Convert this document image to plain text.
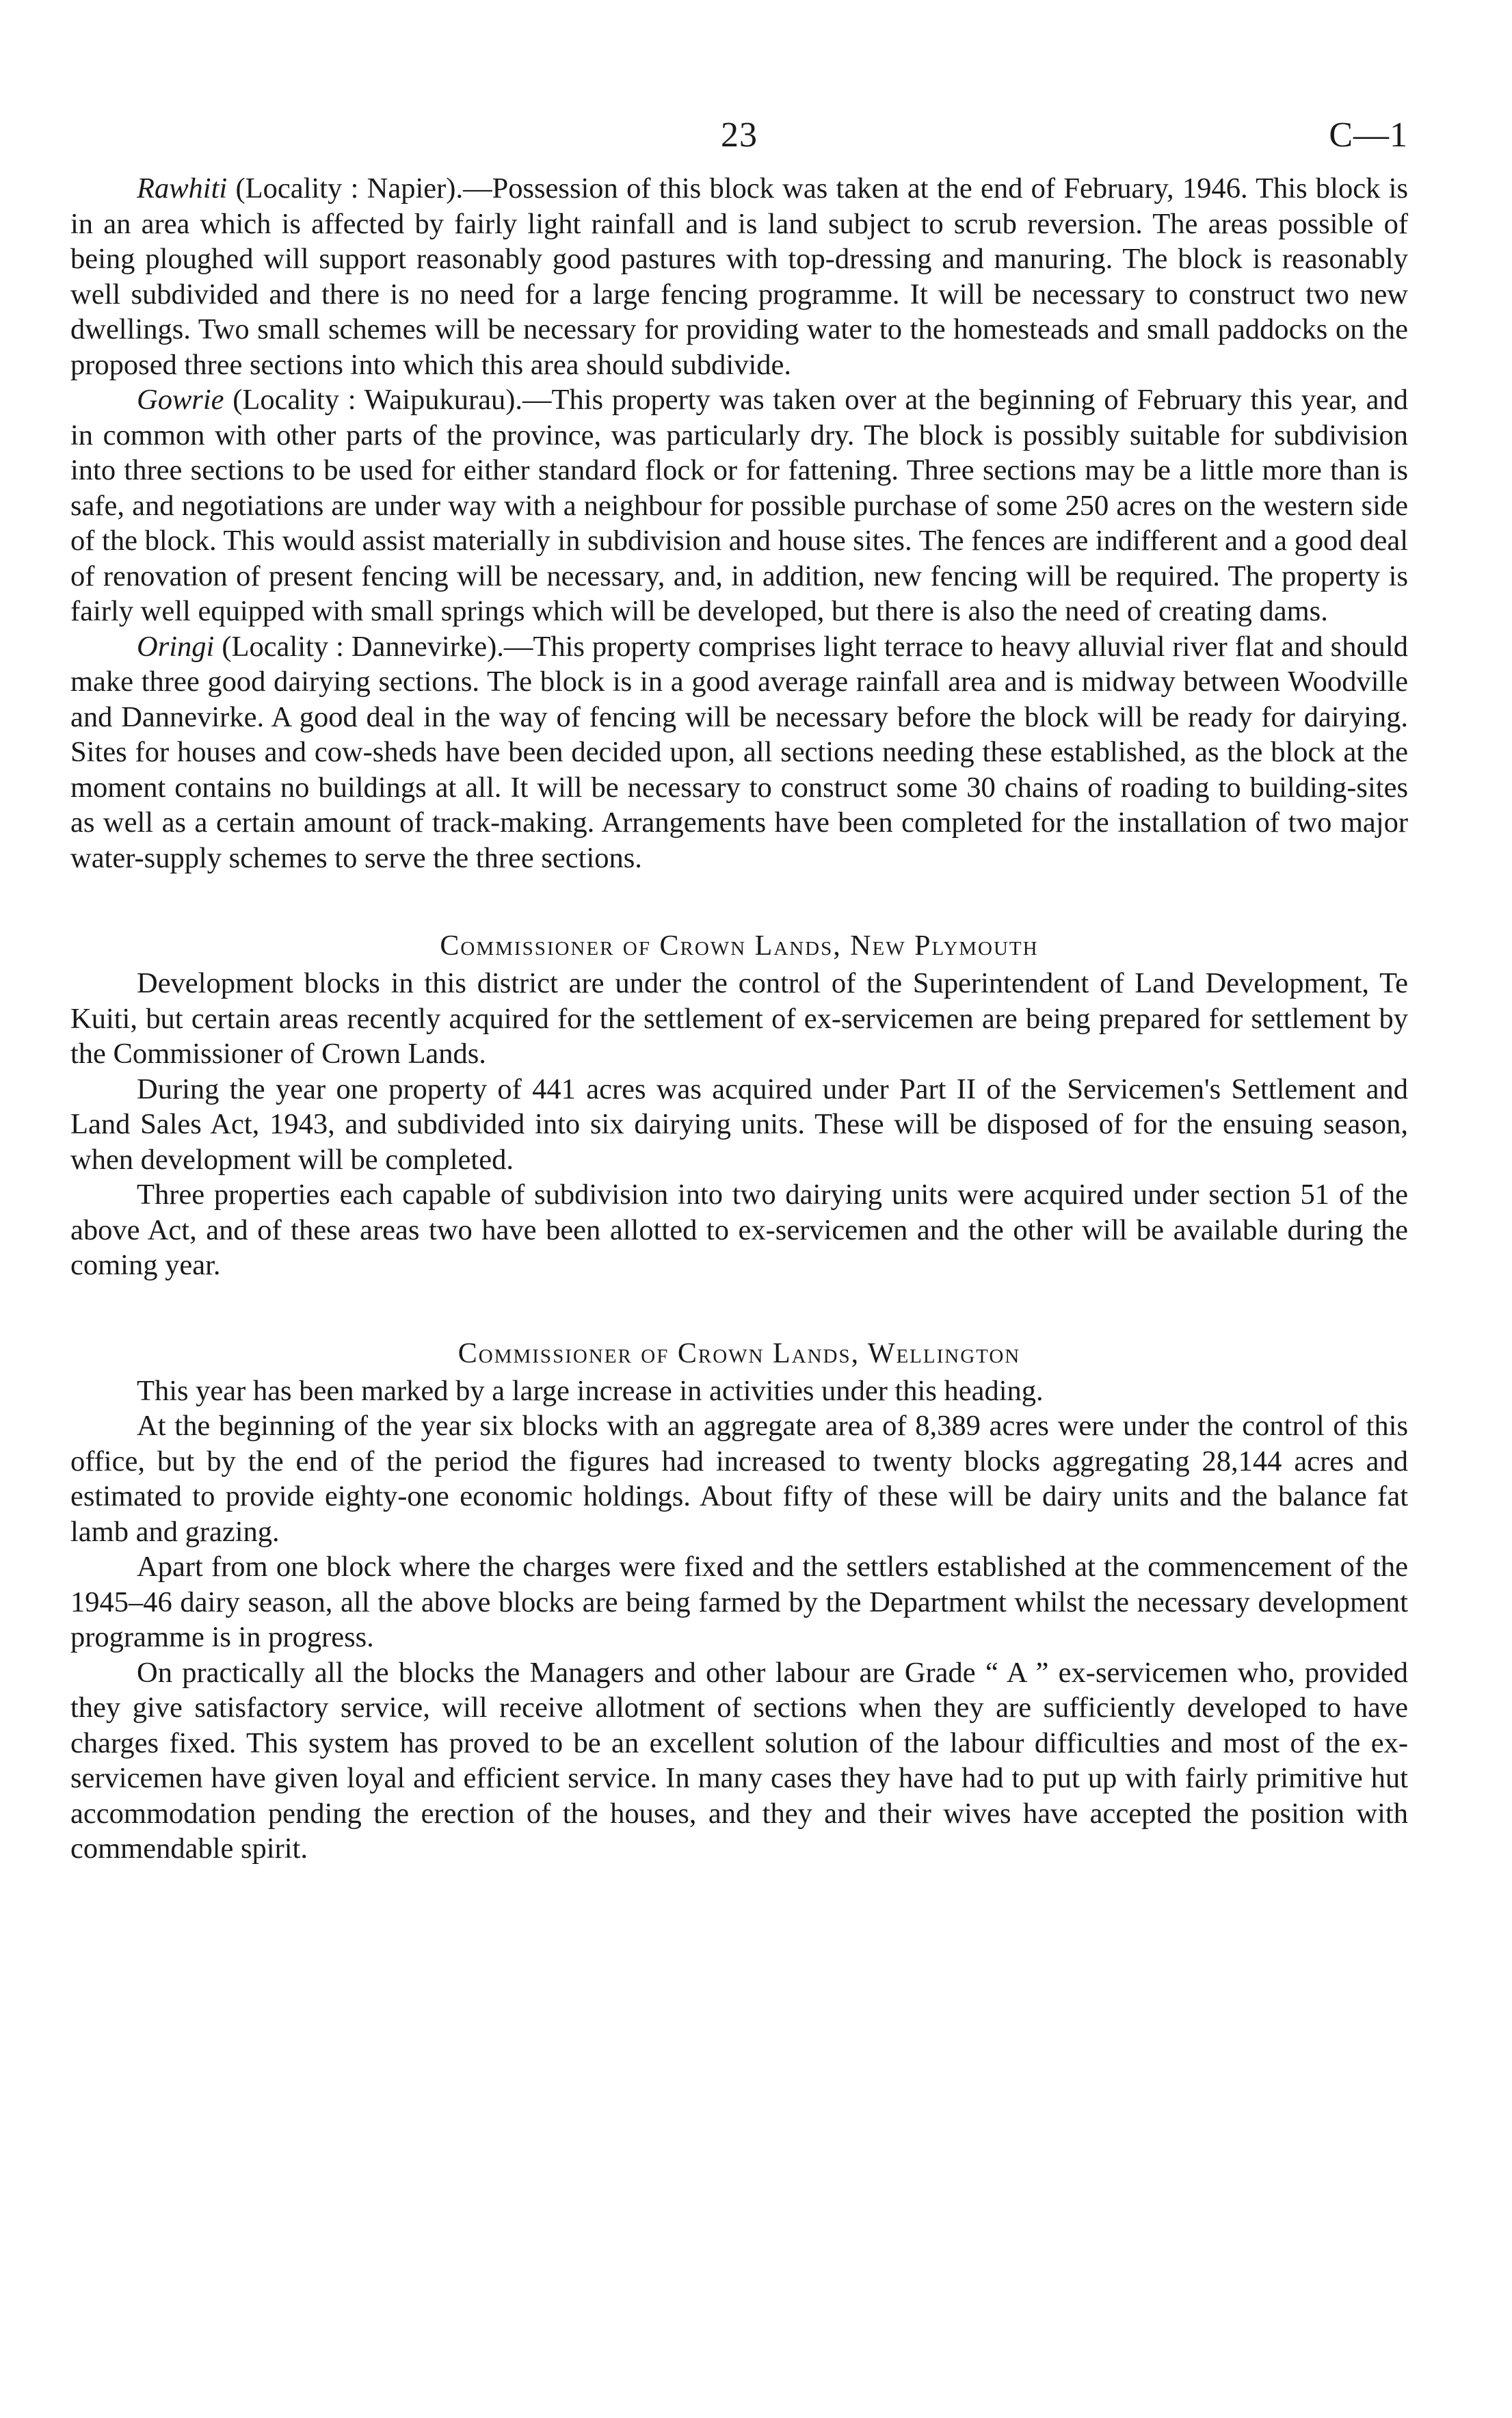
23	C—1

Rawhiti (Locality : Napier).—Possession of this block was taken at the end of February, 1946. This block is in an area which is affected by fairly light rainfall and is land subject to scrub reversion. The areas possible of being ploughed will support reasonably good pastures with top-dressing and manuring. The block is reasonably well subdivided and there is no need for a large fencing programme. It will be necessary to construct two new dwellings. Two small schemes will be necessary for providing water to the homesteads and small paddocks on the proposed three sections into which this area should subdivide.

Gowrie (Locality : Waipukurau).—This property was taken over at the beginning of February this year, and in common with other parts of the province, was particularly dry. The block is possibly suitable for subdivision into three sections to be used for either standard flock or for fattening. Three sections may be a little more than is safe, and negotiations are under way with a neighbour for possible purchase of some 250 acres on the western side of the block. This would assist materially in subdivision and house sites. The fences are indifferent and a good deal of renovation of present fencing will be necessary, and, in addition, new fencing will be required. The property is fairly well equipped with small springs which will be developed, but there is also the need of creating dams.

Oringi (Locality : Dannevirke).—This property comprises light terrace to heavy alluvial river flat and should make three good dairying sections. The block is in a good average rainfall area and is midway between Woodville and Dannevirke. A good deal in the way of fencing will be necessary before the block will be ready for dairying. Sites for houses and cow-sheds have been decided upon, all sections needing these established, as the block at the moment contains no buildings at all. It will be necessary to construct some 30 chains of roading to building-sites as well as a certain amount of track-making. Arrangements have been completed for the installation of two major water-supply schemes to serve the three sections.

Commissioner of Crown Lands, New Plymouth

Development blocks in this district are under the control of the Superintendent of Land Development, Te Kuiti, but certain areas recently acquired for the settlement of ex-servicemen are being prepared for settlement by the Commissioner of Crown Lands.

During the year one property of 441 acres was acquired under Part II of the Servicemen's Settlement and Land Sales Act, 1943, and subdivided into six dairying units. These will be disposed of for the ensuing season, when development will be completed.

Three properties each capable of subdivision into two dairying units were acquired under section 51 of the above Act, and of these areas two have been allotted to ex-servicemen and the other will be available during the coming year.

Commissioner of Crown Lands, Wellington

This year has been marked by a large increase in activities under this heading.

At the beginning of the year six blocks with an aggregate area of 8,389 acres were under the control of this office, but by the end of the period the figures had increased to twenty blocks aggregating 28,144 acres and estimated to provide eighty-one economic holdings. About fifty of these will be dairy units and the balance fat lamb and grazing.

Apart from one block where the charges were fixed and the settlers established at the commencement of the 1945–46 dairy season, all the above blocks are being farmed by the Department whilst the necessary development programme is in progress.

On practically all the blocks the Managers and other labour are Grade “ A ” ex-servicemen who, provided they give satisfactory service, will receive allotment of sections when they are sufficiently developed to have charges fixed. This system has proved to be an excellent solution of the labour difficulties and most of the ex-servicemen have given loyal and efficient service. In many cases they have had to put up with fairly primitive hut accommodation pending the erection of the houses, and they and their wives have accepted the position with commendable spirit.
